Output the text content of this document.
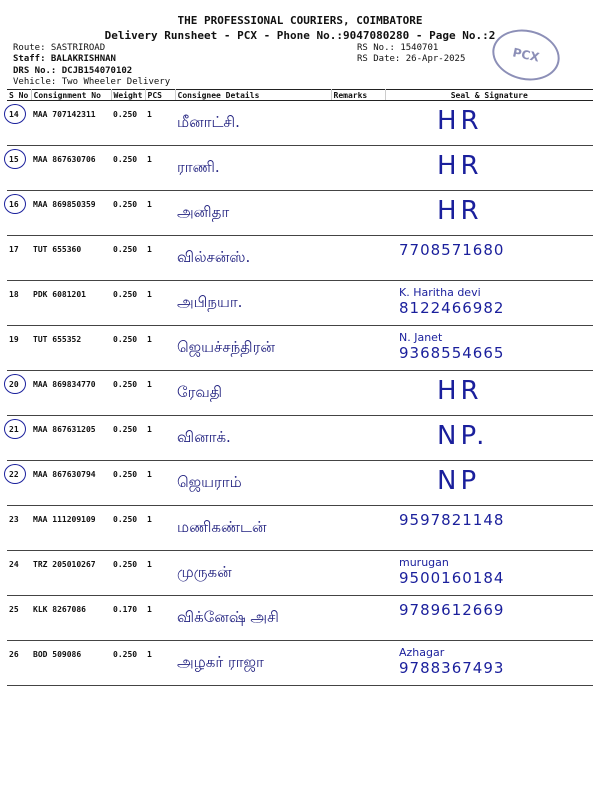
THE PROFESSIONAL COURIERS, COIMBATORE
Delivery Runsheet - PCX - Phone No.:9047080280 - Page No.:2
Route: SASTRIROAD
Staff: BALAKRISHNAN
DRS No.: DCJB154070102
Vehicle: Two Wheeler Delivery
RS No.: 1540701
RS Date: 26-Apr-2025	PCX
S No	Consignment No	Weight	PCS	Consignee Details	Remarks	Seal & Signature
14	MAA 707142311	0.250	1	மீனாட்சி.		HR

15	MAA 867630706	0.250	1	ராணி.		HR

16	MAA 869850359	0.250	1	அனிதா		HR

17	TUT 655360	0.250	1	வில்சன்ஸ்.		7708571680

18	PDK 6081201	0.250	1	அபிநயா.		K. Haritha devi
8122466982

19	TUT 655352	0.250	1	ஜெயச்சந்திரன்		N. Janet
9368554665

20	MAA 869834770	0.250	1	ரேவதி		HR

21	MAA 867631205	0.250	1	வினாக்.		NP.

22	MAA 867630794	0.250	1	ஜெயராம்		NP

23	MAA 111209109	0.250	1	மணிகண்டன்		9597821148

24	TRZ 205010267	0.250	1	முருகன்		murugan
9500160184

25	KLK 8267086	0.170	1	விக்னேஷ் அசி		9789612669

26	BOD 509086	0.250	1	அழகர் ராஜா		Azhagar
9788367493
